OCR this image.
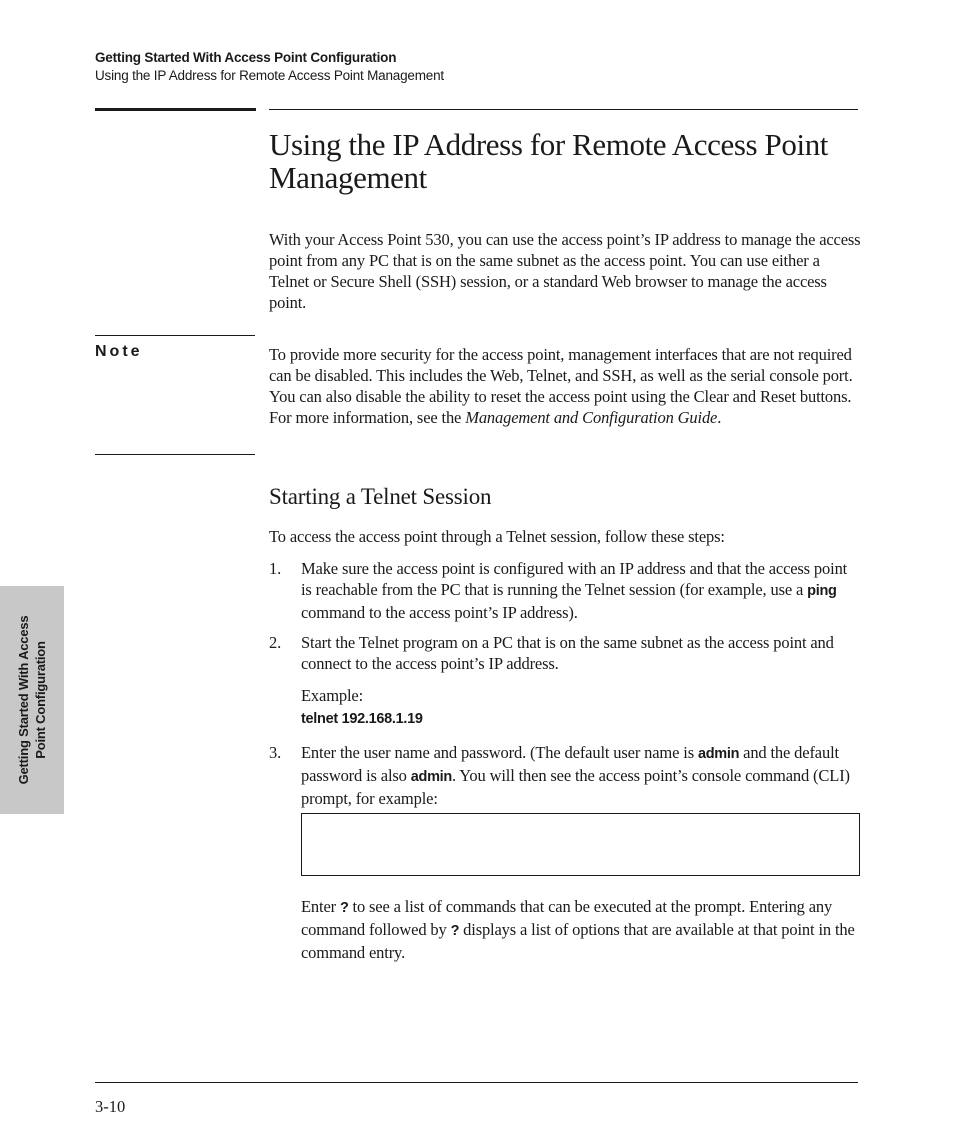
Getting Started With Access Point Configuration
Using the IP Address for Remote Access Point Management
Using the IP Address for Remote Access Point Management

With your Access Point 530, you can use the access point’s IP address to manage the access point from any PC that is on the same subnet as the access point. You can use either a Telnet or Secure Shell (SSH) session, or a standard Web browser to manage the access point.

Note	To provide more security for the access point, management interfaces that are not required can be disabled. This includes the Web, Telnet, and SSH, as well as the serial console port. You can also disable the ability to reset the access point using the Clear and Reset buttons. For more information, see the Management and Configuration Guide.

Starting a Telnet Session

To access the access point through a Telnet session, follow these steps:

1. Make sure the access point is configured with an IP address and that the access point is reachable from the PC that is running the Telnet session (for example, use a ping command to the access point’s IP address).

2. Start the Telnet program on a PC that is on the same subnet as the access point and connect to the access point’s IP address.

Example:
telnet 192.168.1.19
3. Enter the user name and password. (The default user name is admin and the default password is also admin. You will then see the access point’s console command (CLI) prompt, for example:

Enter ? to see a list of commands that can be executed at the prompt. Entering any command followed by ? displays a list of options that are available at that point in the command entry.

Getting Started With Access Point Configuration
3-10
